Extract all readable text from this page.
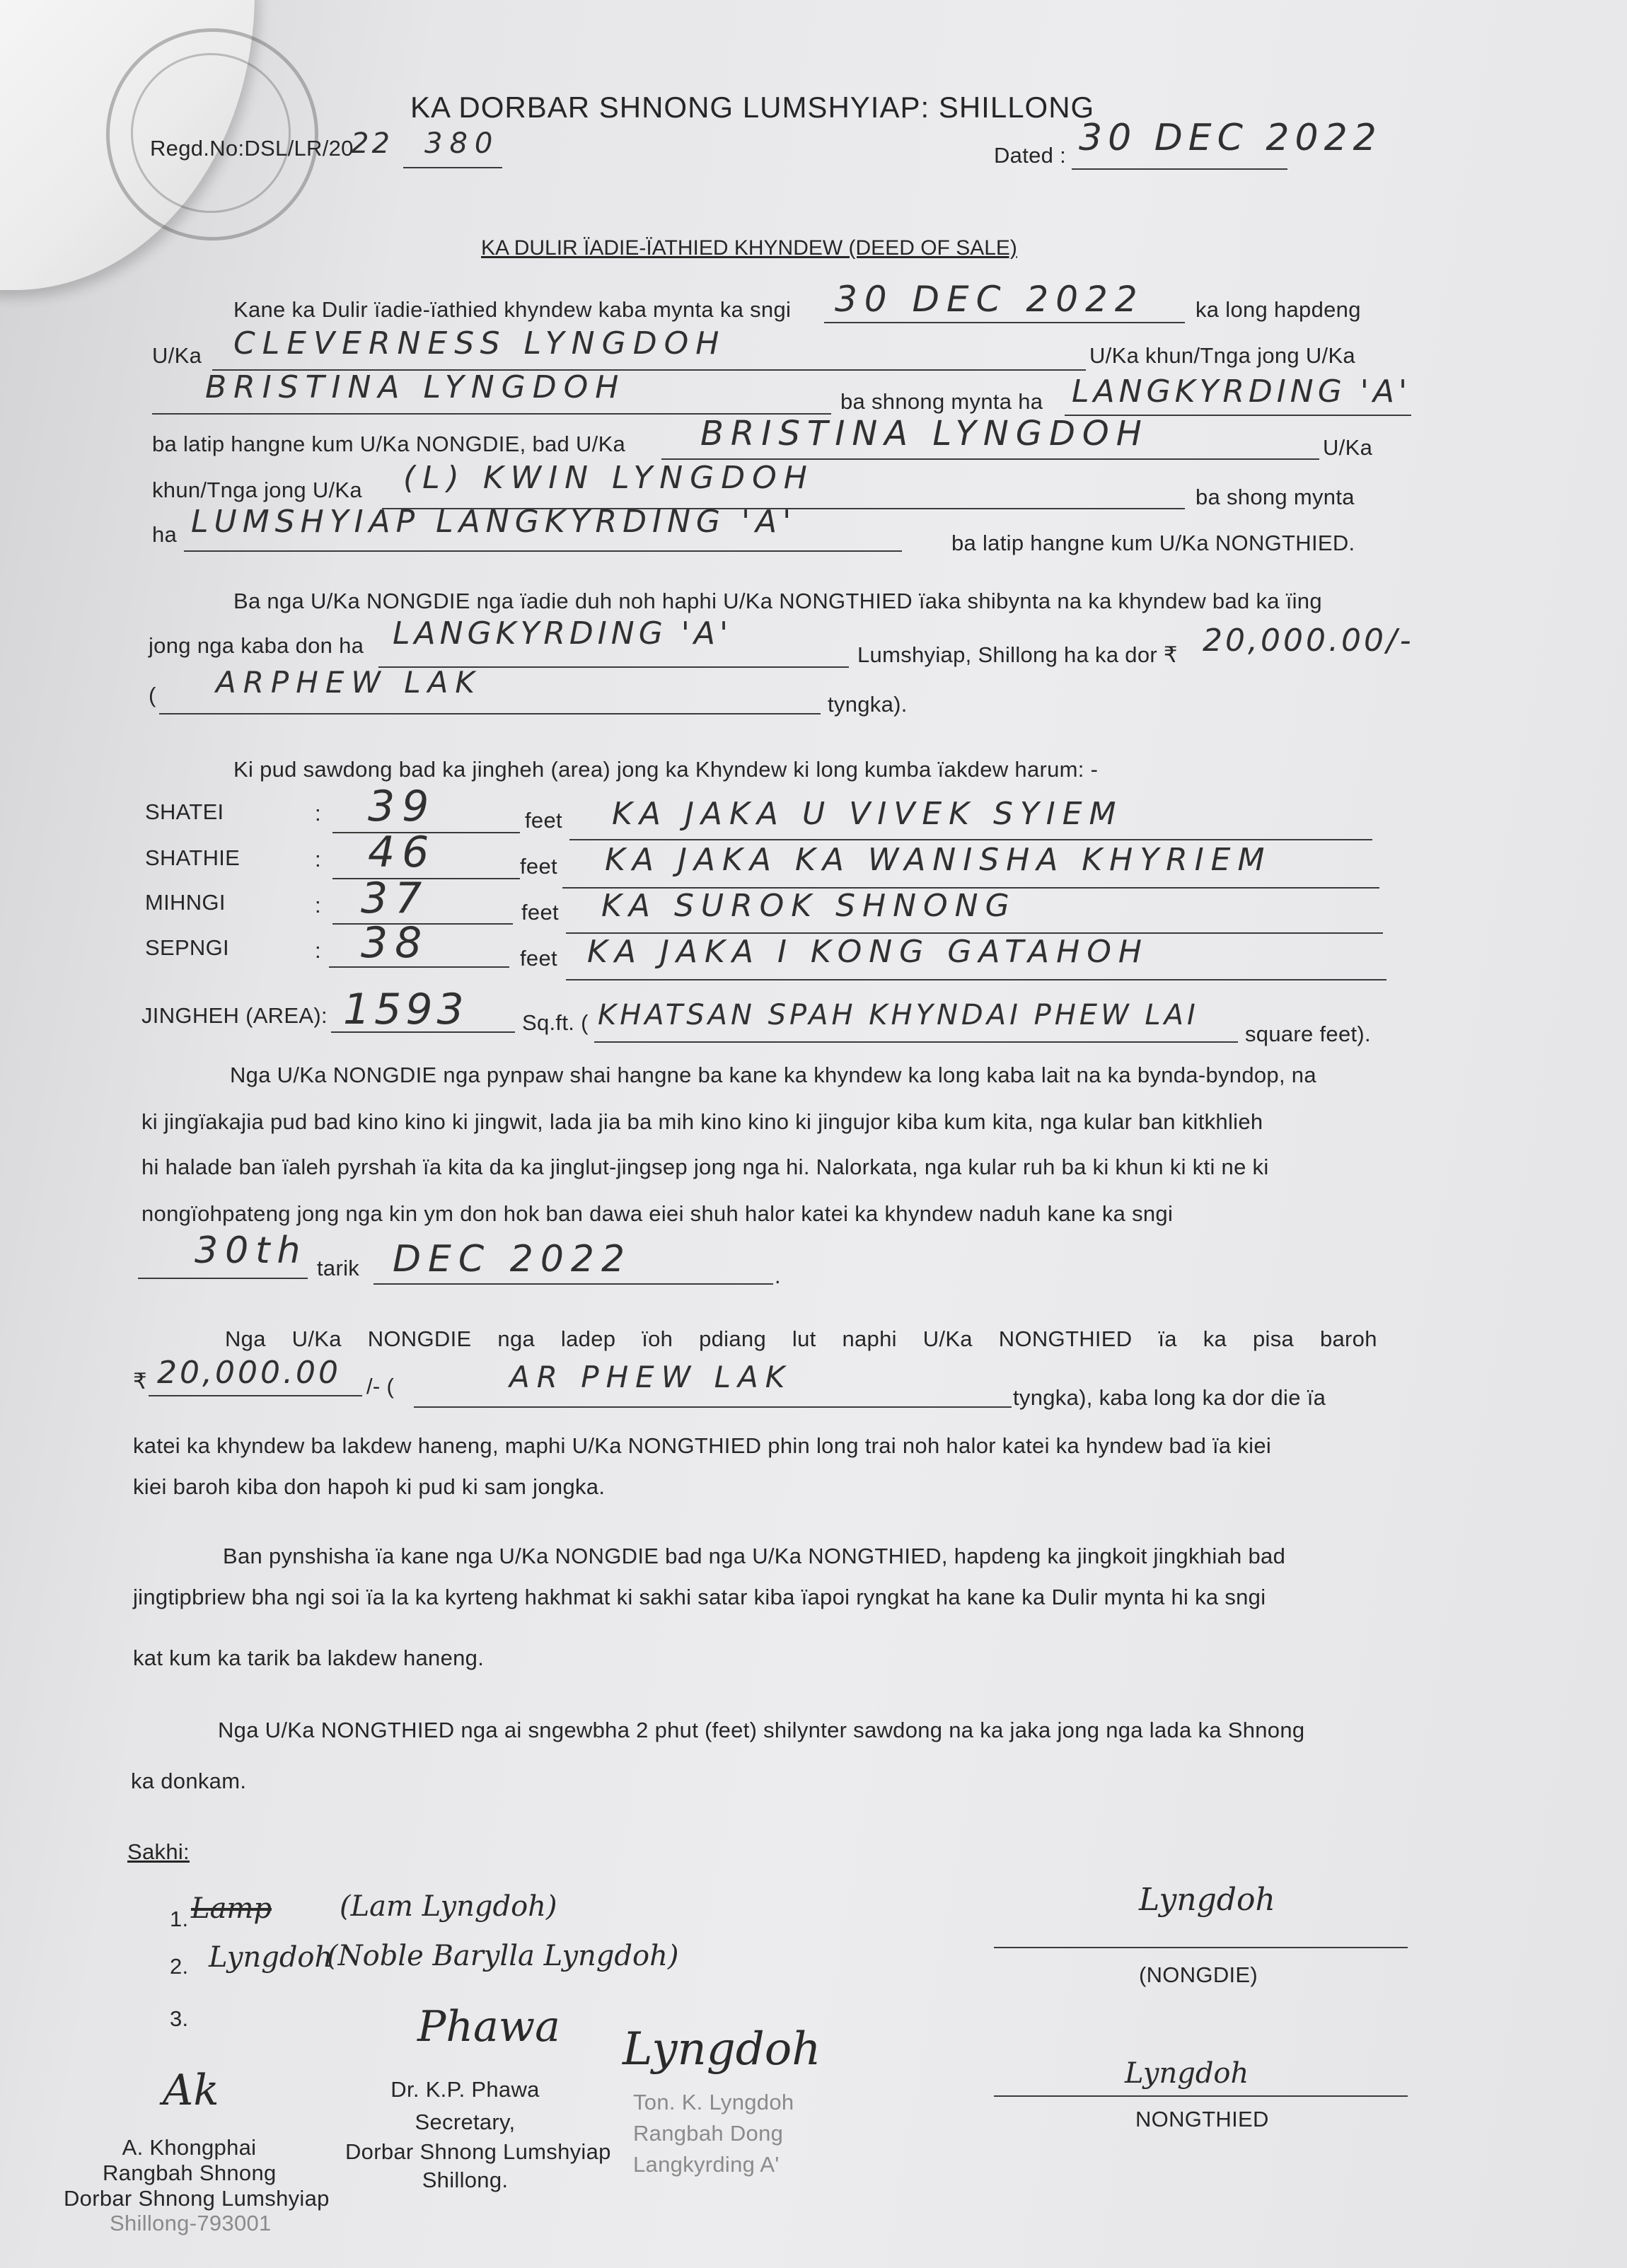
KA DORBAR SHNONG LUMSHYIAP: SHILLONG
Regd.No:DSL/LR/20
22 380	Dated : 30 DEC 2022
KA DULIR ÏADIE-ÏATHIED KHYNDEW (DEED OF SALE)
Kane ka Dulir ïadie-ïathied khyndew kaba mynta ka sngi 30 DEC 2022 ka long hapdeng
U/Ka CLEVERNESS LYNGDOH	U/Ka khun/Tnga jong U/Ka
BRISTINA LYNGDOH	ba shnong mynta ha LANGKYRDING 'A'
ba latip hangne kum U/Ka NONGDIE, bad U/Ka BRISTINA LYNGDOH	U/Ka
khun/Tnga jong U/Ka (L) KWIN LYNGDOH
ba shong mynta
ha LUMSHYIAP LANGKYRDING 'A'
ba latip hangne kum U/Ka NONGTHIED.
Ba nga U/Ka NONGDIE nga ïadie duh noh haphi U/Ka NONGTHIED ïaka shibynta na ka khyndew bad ka ïing
jong nga kaba don ha LANGKYRDING 'A'
Lumshyiap, Shillong ha ka dor ₹ 20,000.00/-
( ARPHEW LAK
tyngka).
Ki pud sawdong bad ka jingheh (area) jong ka Khyndew ki long kumba ïakdew harum: -
SHATEI	: 39	feet KA JAKA U VIVEK SYIEM
SHATHIE	: 46	feet KA JAKA KA WANISHA KHYRIEM
MIHNGI	: 37	feet KA SUROK SHNONG
SEPNGI	: 38	feet KA JAKA I KONG GATAHOH
JINGHEH (AREA): 1593 Sq.ft. ( KHATSAN SPAH KHYNDAI PHEW LAI
square feet).
Nga U/Ka NONGDIE nga pynpaw shai hangne ba kane ka khyndew ka long kaba lait na ka bynda-byndop, na
ki jingïakajia pud bad kino kino ki jingwit, lada jia ba mih kino kino ki jingujor kiba kum kita, nga kular ban kitkhlieh
hi halade ban ïaleh pyrshah ïa kita da ka jinglut-jingsep jong nga hi. Nalorkata, nga kular ruh ba ki khun ki kti ne ki
nongïohpateng jong nga kin ym don hok ban dawa eiei shuh halor katei ka khyndew naduh kane ka sngi
30th tarik DEC 2022	.
Nga U/Ka NONGDIE nga ladep ïoh pdiang lut naphi U/Ka NONGTHIED ïa ka pisa baroh
₹ 20,000.00 /- (	AR PHEW LAK
tyngka), kaba long ka dor die ïa
katei ka khyndew ba lakdew haneng, maphi U/Ka NONGTHIED phin long trai noh halor katei ka hyndew bad ïa kiei
kiei baroh kiba don hapoh ki pud ki sam jongka.
Ban pynshisha ïa kane nga U/Ka NONGDIE bad nga U/Ka NONGTHIED, hapdeng ka jingkoit jingkhiah bad
jingtipbriew bha ngi soi ïa la ka kyrteng hakhmat ki sakhi satar kiba ïapoi ryngkat ha kane ka Dulir mynta hi ka sngi
kat kum ka tarik ba lakdew haneng.
Nga U/Ka NONGTHIED nga ai sngewbha 2 phut (feet) shilynter sawdong na ka jaka jong nga lada ka Shnong
ka donkam.
Sakhi:
1. Lamp (Lam Lyngdoh)
2. Lyngdoh
(Noble Barylla Lyngdoh)
3.
Lyngdoh
(NONGDIE)
Lyngdoh
NONGTHIED
Ak
A. Khongphai
Rangbah Shnong
Dorbar Shnong Lumshyiap
Shillong-793001
Phawa
Dr. K.P. Phawa
Secretary,
Dorbar Shnong Lumshyiap
Shillong.
Lyngdoh
Ton. K. Lyngdoh
Rangbah Dong
Langkyrding A'
